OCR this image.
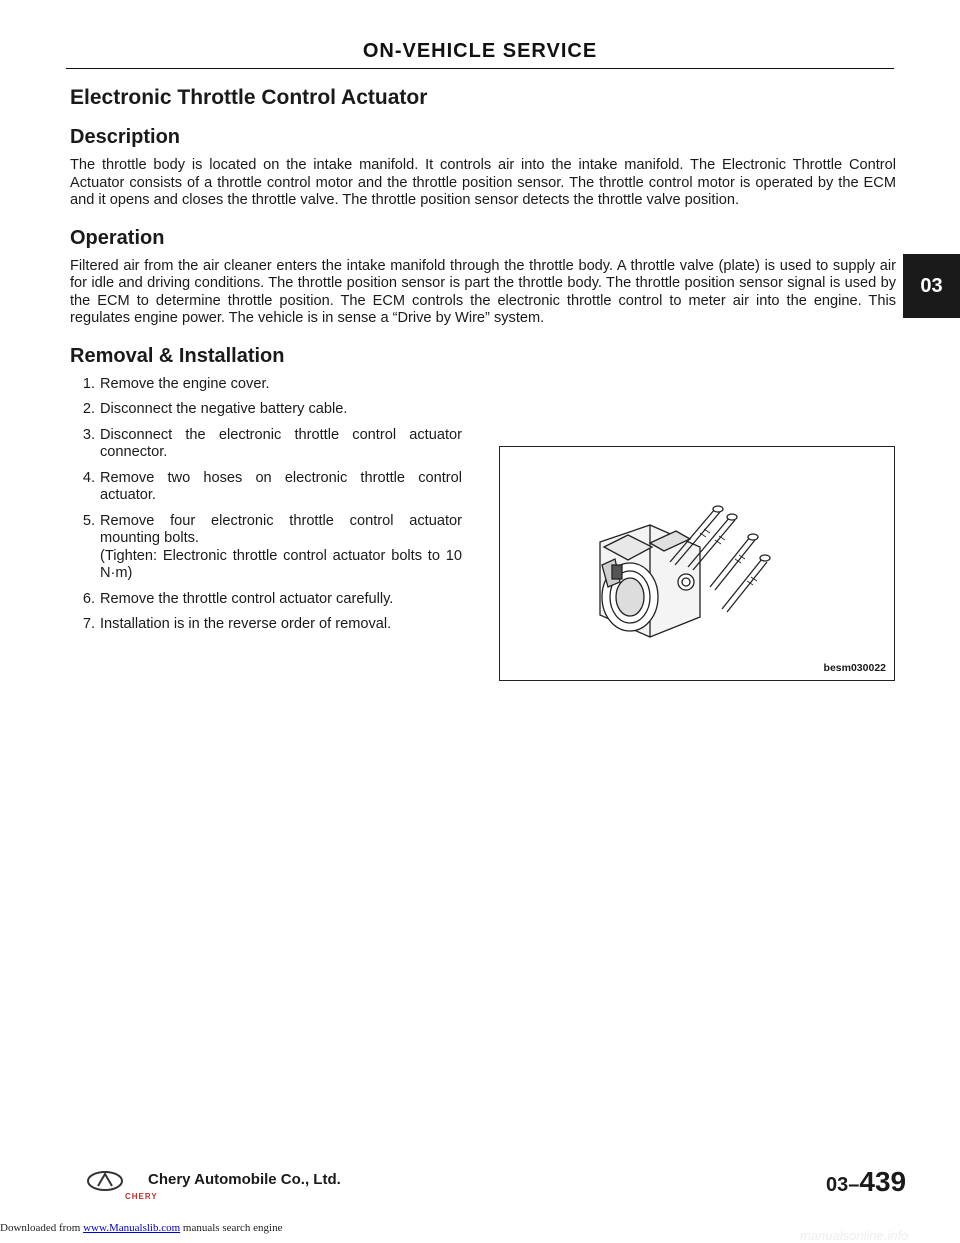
ON-VEHICLE SERVICE
03
Electronic Throttle Control Actuator
Description

The throttle body is located on the intake manifold. It controls air into the intake manifold. The Electronic Throttle Control Actuator consists of a throttle control motor and the throttle position sensor. The throttle control motor is operated by the ECM and it opens and closes the throttle valve. The throttle position sensor detects the throttle valve position.

Operation

Filtered air from the air cleaner enters the intake manifold through the throttle body. A throttle valve (plate) is used to supply air for idle and driving conditions. The throttle position sensor is part the throttle body. The throttle position sensor signal is used by the ECM to determine throttle position. The ECM controls the electronic throttle control to meter air into the engine. This regulates engine power. The vehicle is in sense a “Drive by Wire” system.

Removal & Installation
1. Remove the engine cover.
2. Disconnect the negative battery cable.
3. Disconnect the electronic throttle control actuator connector.
4. Remove two hoses on electronic throttle control actuator.
5. Remove four electronic throttle control actuator mounting bolts.
(Tighten: Electronic throttle control actuator bolts to 10 N·m)
6. Remove the throttle control actuator carefully.
7. Installation is in the reverse order of removal.
besm030022
CHERY
Chery Automobile Co., Ltd.	03–439
Downloaded from www.Manualslib.com manuals search engine	manualsonline.info
